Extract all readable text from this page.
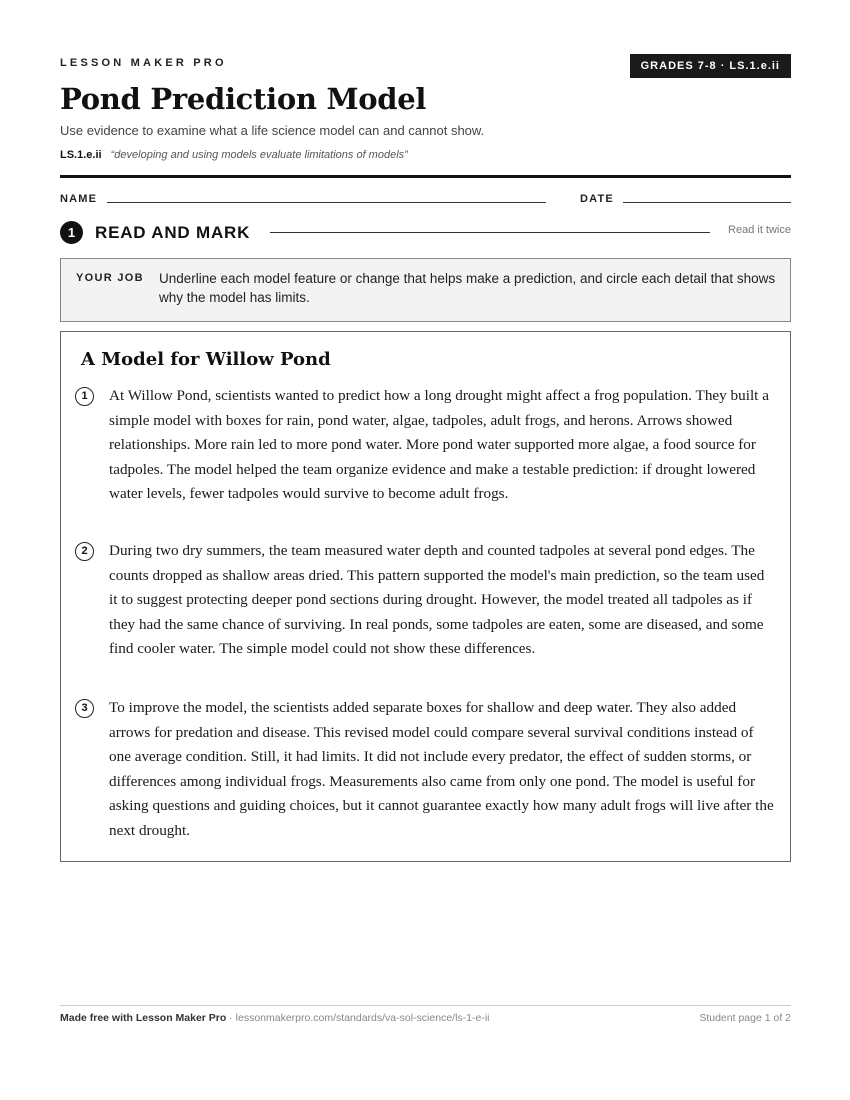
LESSON MAKER PRO	GRADES 7-8 · LS.1.e.ii
Pond Prediction Model
Use evidence to examine what a life science model can and cannot show.
LS.1.e.ii “developing and using models evaluate limitations of models”
NAME	DATE
1	READ AND MARK	Read it twice
YOUR JOB Underline each model feature or change that helps make a prediction, and circle each detail that shows why the model has limits.
A Model for Willow Pond
1	At Willow Pond, scientists wanted to predict how a long drought might affect a frog population. They built a simple model with boxes for rain, pond water, algae, tadpoles, adult frogs, and herons. Arrows showed relationships. More rain led to more pond water. More pond water supported more algae, a food source for tadpoles. The model helped the team organize evidence and make a testable prediction: if drought lowered water levels, fewer tadpoles would survive to become adult frogs.
2	During two dry summers, the team measured water depth and counted tadpoles at several pond edges. The counts dropped as shallow areas dried. This pattern supported the model's main prediction, so the team used it to suggest protecting deeper pond sections during drought. However, the model treated all tadpoles as if they had the same chance of surviving. In real ponds, some tadpoles are eaten, some are diseased, and some find cooler water. The simple model could not show these differences.
3	To improve the model, the scientists added separate boxes for shallow and deep water. They also added arrows for predation and disease. This revised model could compare several survival conditions instead of one average condition. Still, it had limits. It did not include every predator, the effect of sudden storms, or differences among individual frogs. Measurements also came from only one pond. The model is useful for asking questions and guiding choices, but it cannot guarantee exactly how many adult frogs will live after the next drought.
Made free with Lesson Maker Pro · lessonmakerpro.com/standards/va-sol-science/ls-1-e-ii	Student page 1 of 2
